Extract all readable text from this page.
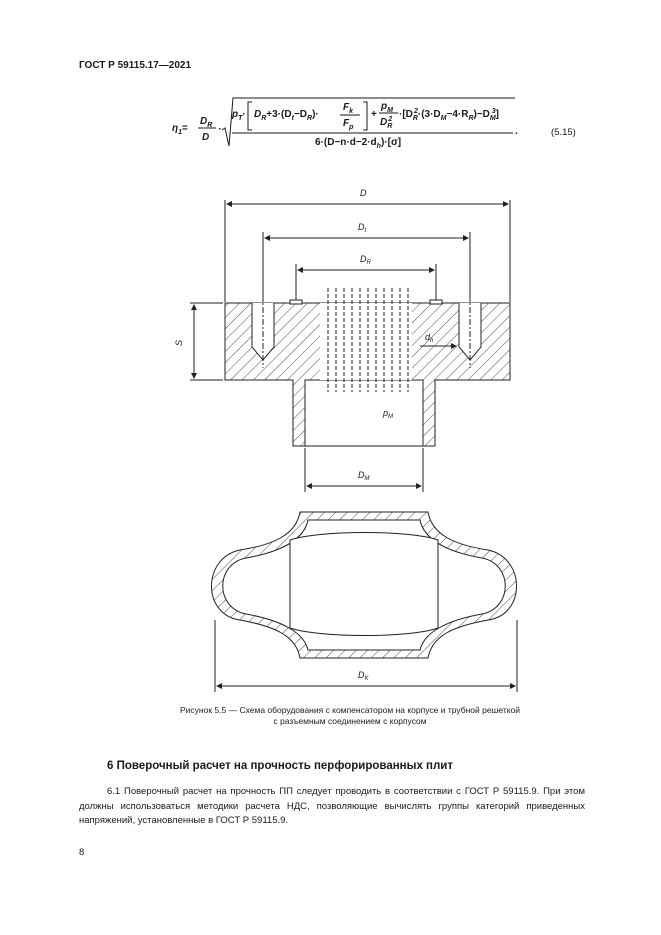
ГОСТ Р 59115.17—2021
$\eta_1=$
$D_R$
D
·
$p_T\cdot D_R+3\cdot(D_t-D_R)\cdot$
$F_k$
$F_p$
+
$p_M$
$D_R2 \cdot[D_R2\cdot(3\cdot D_M-4\cdot R_R)-D_M3]$
$6\cdot(D-n\cdot d-2\cdot d_h)\cdot[\sigma]$
.	(5.15)
D
$D_t$
$D_R$
S
$d_h$
$p_M$
$D_M$
$D_K$
Рисунок 5.5 — Схема оборудования с компенсатором на корпусе и трубной решеткой
с разъемным соединением с корпусом
6 Поверочный расчет на прочность перфорированных плит
6.1 Поверочный расчет на прочность ПП следует проводить в соответствии с ГОСТ Р 59115.9. При этом должны использоваться методики расчета НДС, позволяющие вычислять группы категорий приведенных напряжений, установленные в ГОСТ Р 59115.9.
8
